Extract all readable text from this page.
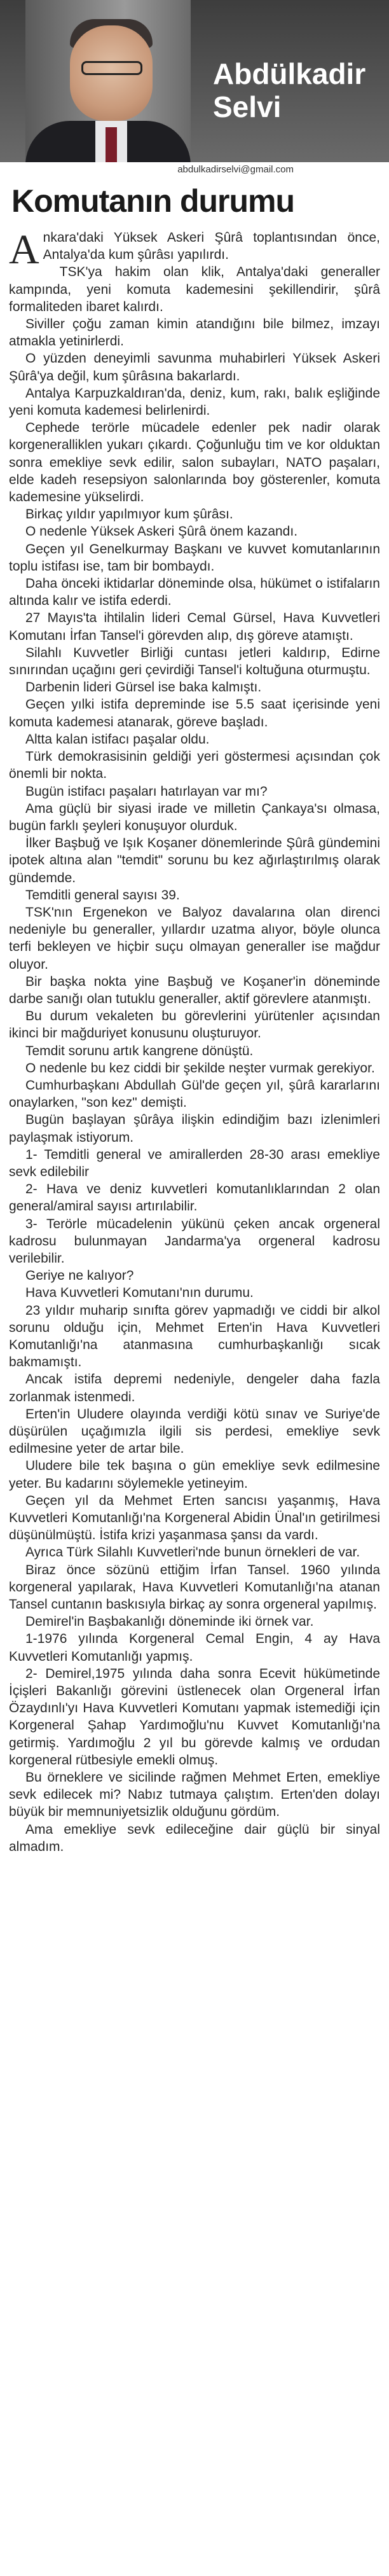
Abdülkadir
Selvi
abdulkadirselvi@gmail.com
Komutanın durumu

Ankara'daki Yüksek Askeri Şûrâ toplantısından önce, Antalya'da kum şûrâsı yapılırdı.

TSK'ya hakim olan klik, Antalya'daki generaller kampında, yeni komuta kademesini şekillendirir, şûrâ formaliteden ibaret kalırdı.

Siviller çoğu zaman kimin atandığını bile bilmez, imzayı atmakla yetinirlerdi.

O yüzden deneyimli savunma muhabirleri Yüksek Askeri Şûrâ'ya değil, kum şûrâsına bakarlardı.

Antalya Karpuzkaldıran'da, deniz, kum, rakı, balık eşliğinde yeni komuta kademesi belirlenirdi.

Cephede terörle mücadele edenler pek nadir olarak korgeneralliklen yukarı çıkardı. Çoğunluğu tim ve kor olduktan sonra emekliye sevk edilir, salon subayları, NATO paşaları, elde kadeh resepsiyon salonlarında boy gösterenler, komuta kademesine yükselirdi.

Birkaç yıldır yapılmıyor kum şûrâsı.

O nedenle Yüksek Askeri Şûrâ önem kazandı.

Geçen yıl Genelkurmay Başkanı ve kuvvet komutanlarının toplu istifası ise, tam bir bombaydı.

Daha önceki iktidarlar döneminde olsa, hükümet o istifaların altında kalır ve istifa ederdi.

27 Mayıs'ta ihtilalin lideri Cemal Gürsel, Hava Kuvvetleri Komutanı İrfan Tansel'i görevden alıp, dış göreve atamıştı.

Silahlı Kuvvetler Birliği cuntası jetleri kaldırıp, Edirne sınırından uçağını geri çevirdiği Tansel'i koltuğuna oturmuştu.

Darbenin lideri Gürsel ise baka kalmıştı.

Geçen yılki istifa depreminde ise 5.5 saat içerisinde yeni komuta kademesi atanarak, göreve başladı.

Altta kalan istifacı paşalar oldu.

Türk demokrasisinin geldiği yeri göstermesi açısından çok önemli bir nokta.

Bugün istifacı paşaları hatırlayan var mı?

Ama güçlü bir siyasi irade ve milletin Çankaya'sı olmasa, bugün farklı şeyleri konuşuyor olurduk.

İlker Başbuğ ve Işık Koşaner dönemlerinde Şûrâ gündemini ipotek altına alan "temdit" sorunu bu kez ağırlaştırılmış olarak gündemde.

Temditli general sayısı 39.

TSK'nın Ergenekon ve Balyoz davalarına olan direnci nedeniyle bu generaller, yıllardır uzatma alıyor, böyle olunca terfi bekleyen ve hiçbir suçu olmayan generaller ise mağdur oluyor.

Bir başka nokta yine Başbuğ ve Koşaner'in döneminde darbe sanığı olan tutuklu generaller, aktif görevlere atanmıştı.

Bu durum vekaleten bu görevlerini yürütenler açısından ikinci bir mağduriyet konusunu oluşturuyor.

Temdit sorunu artık kangrene dönüştü.

O nedenle bu kez ciddi bir şekilde neşter vurmak gerekiyor.

Cumhurbaşkanı Abdullah Gül'de geçen yıl, şûrâ kararlarını onaylarken, "son kez" demişti.

Bugün başlayan şûrâya ilişkin edindiğim bazı izlenimleri paylaşmak istiyorum.

1- Temditli general ve amirallerden 28-30 arası emekliye sevk edilebilir

2- Hava ve deniz kuvvetleri komutanlıklarından 2 olan general/amiral sayısı artırılabilir.

3- Terörle mücadelenin yükünü çeken ancak orgeneral kadrosu bulunmayan Jandarma'ya orgeneral kadrosu verilebilir.

Geriye ne kalıyor?

Hava Kuvvetleri Komutanı'nın durumu.

23 yıldır muharip sınıfta görev yapmadığı ve ciddi bir alkol sorunu olduğu için, Mehmet Erten'in Hava Kuvvetleri Komutanlığı'na atanmasına cumhurbaşkanlığı sıcak bakmamıştı.

Ancak istifa depremi nedeniyle, dengeler daha fazla zorlanmak istenmedi.

Erten'in Uludere olayında verdiği kötü sınav ve Suriye'de düşürülen uçağımızla ilgili sis perdesi, emekliye sevk edilmesine yeter de artar bile.

Uludere bile tek başına o gün emekliye sevk edilmesine yeter. Bu kadarını söylemekle yetineyim.

Geçen yıl da Mehmet Erten sancısı yaşanmış, Hava Kuvvetleri Komutanlığı'na Korgeneral Abidin Ünal'ın getirilmesi düşünülmüştü. İstifa krizi yaşanmasa şansı da vardı.

Ayrıca Türk Silahlı Kuvvetleri'nde bunun örnekleri de var.

Biraz önce sözünü ettiğim İrfan Tansel. 1960 yılında korgeneral yapılarak, Hava Kuvvetleri Komutanlığı'na atanan Tansel cuntanın baskısıyla birkaç ay sonra orgeneral yapılmış.

Demirel'in Başbakanlığı döneminde iki örnek var.

1-1976 yılında Korgeneral Cemal Engin, 4 ay Hava Kuvvetleri Komutanlığı yapmış.

2- Demirel,1975 yılında daha sonra Ecevit hükümetinde İçişleri Bakanlığı görevini üstlenecek olan Orgeneral İrfan Özaydınlı'yı Hava Kuvvetleri Komutanı yapmak istemediği için Korgeneral Şahap Yardımoğlu'nu Kuvvet Komutanlığı'na getirmiş. Yardımoğlu 2 yıl bu görevde kalmış ve ordudan korgeneral rütbesiyle emekli olmuş.

Bu örneklere ve sicilinde rağmen Mehmet Erten, emekliye sevk edilecek mi? Nabız tutmaya çalıştım. Erten'den dolayı büyük bir memnuniyetsizlik olduğunu gördüm.

Ama emekliye sevk edileceğine dair güçlü bir sinyal almadım.
